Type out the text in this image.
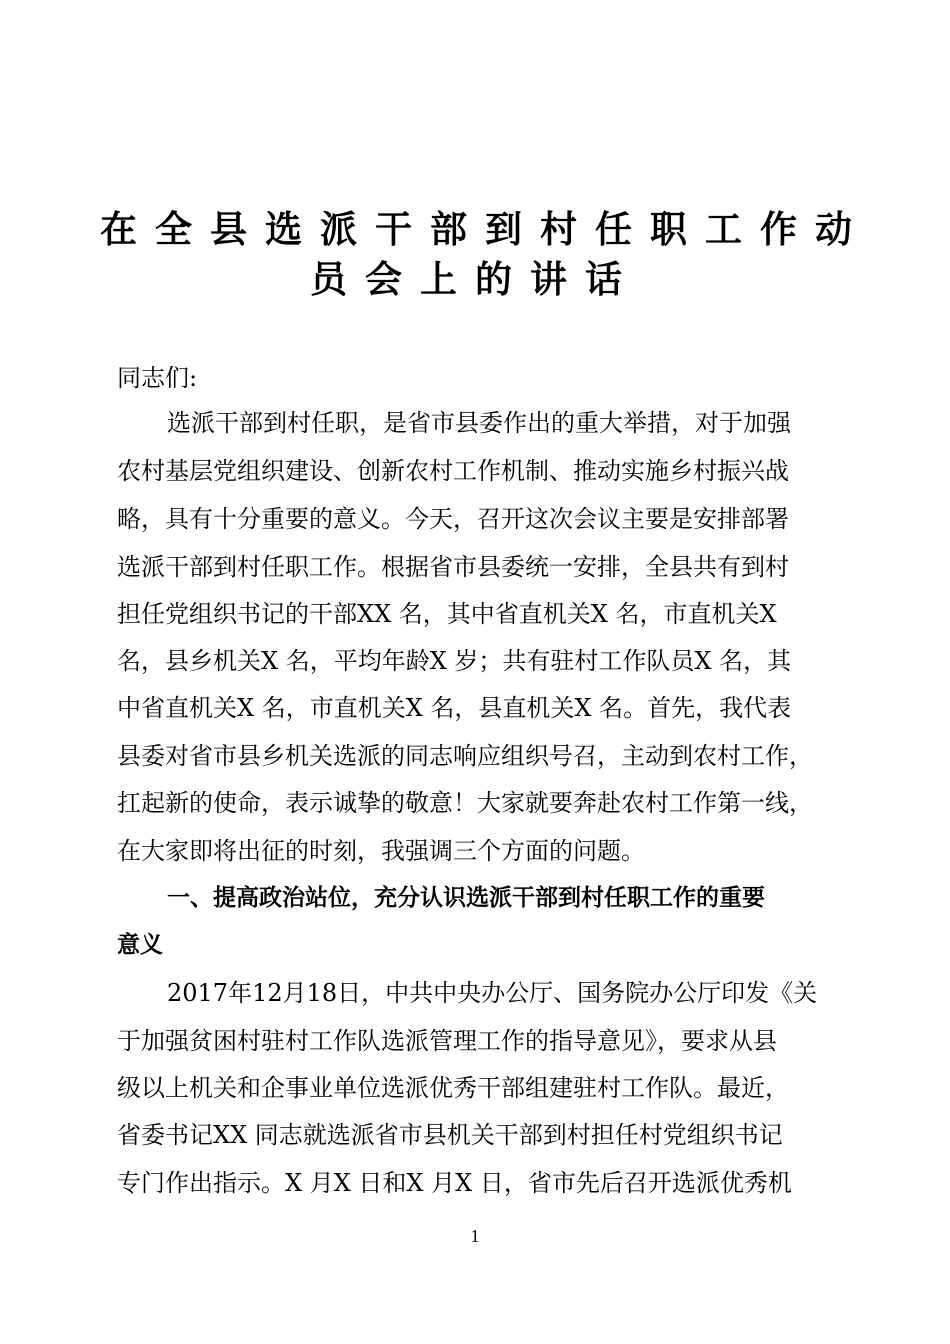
在全县选派干部到村任职工作动
员会上的讲话
同志们:
选派干部到村任职，是省市县委作出的重大举措，对于加强
农村基层党组织建设、创新农村工作机制、推动实施乡村振兴战
略，具有十分重要的意义。今天，召开这次会议主要是安排部署
选派干部到村任职工作。根据省市县委统一安排，全县共有到村
担任党组织书记的干部XX 名，其中省直机关X 名，市直机关X
名，县乡机关X 名，平均年龄X 岁；共有驻村工作队员X 名，其
中省直机关X 名，市直机关X 名，县直机关X 名。首先，我代表
县委对省市县乡机关选派的同志响应组织号召，主动到农村工作，
扛起新的使命，表示诚挚的敬意！大家就要奔赴农村工作第一线，
在大家即将出征的时刻，我强调三个方面的问题。
一、提高政治站位，充分认识选派干部到村任职工作的重要
意义
2017年12月18日，中共中央办公厅、国务院办公厅印发《关
于加强贫困村驻村工作队选派管理工作的指导意见》，要求从县
级以上机关和企事业单位选派优秀干部组建驻村工作队。最近，
省委书记XX 同志就选派省市县机关干部到村担任村党组织书记
专门作出指示。X 月X 日和X 月X 日，省市先后召开选派优秀机
1
